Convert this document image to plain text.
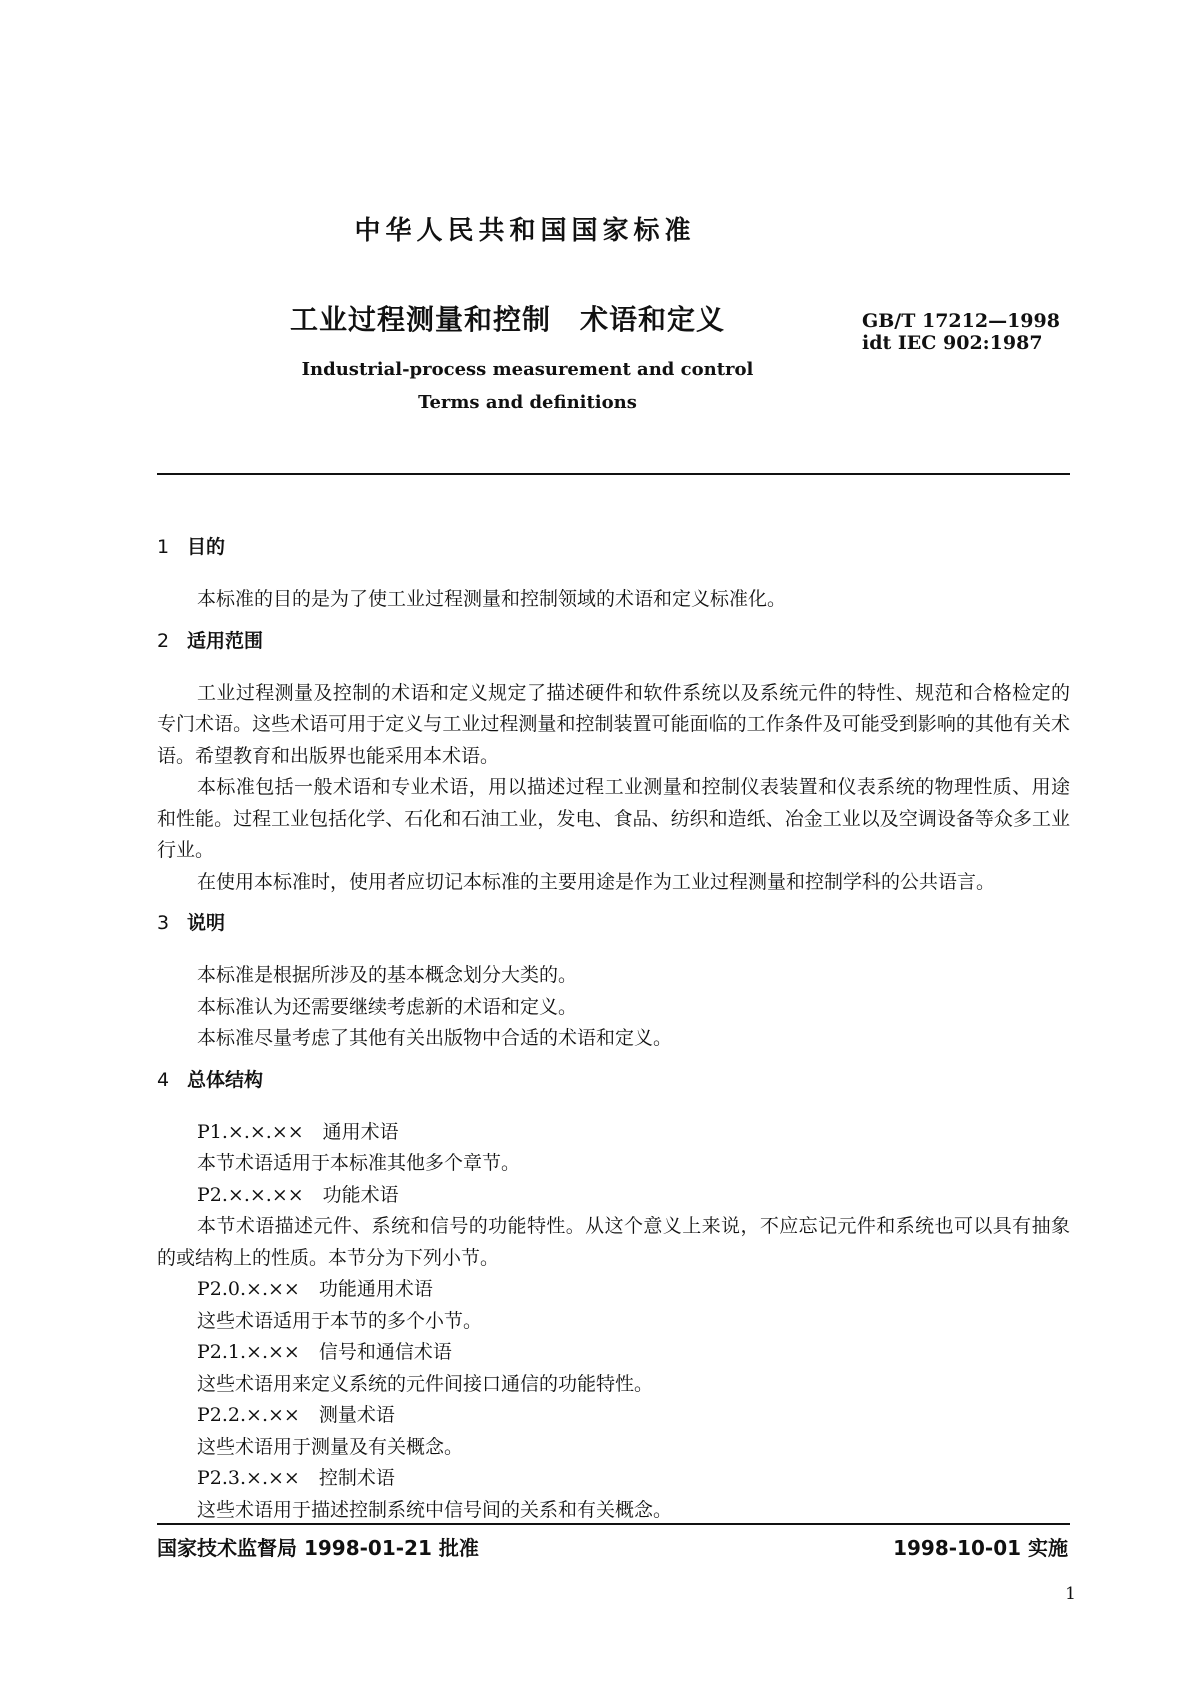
中华人民共和国国家标准
工业过程测量和控制　术语和定义	GB/T 17212—1998
idt IEC 902:1987
Industrial-process measurement and control
Terms and definitions
1 目的

本标准的目的是为了使工业过程测量和控制领域的术语和定义标准化。

2 适用范围

工业过程测量及控制的术语和定义规定了描述硬件和软件系统以及系统元件的特性、规范和合格检定的专门术语。这些术语可用于定义与工业过程测量和控制装置可能面临的工作条件及可能受到影响的其他有关术语。希望教育和出版界也能采用本术语。

本标准包括一般术语和专业术语，用以描述过程工业测量和控制仪表装置和仪表系统的物理性质、用途和性能。过程工业包括化学、石化和石油工业，发电、食品、纺织和造纸、冶金工业以及空调设备等众多工业行业。

在使用本标准时，使用者应切记本标准的主要用途是作为工业过程测量和控制学科的公共语言。

3 说明

本标准是根据所涉及的基本概念划分大类的。

本标准认为还需要继续考虑新的术语和定义。

本标准尽量考虑了其他有关出版物中合适的术语和定义。

4 总体结构

P1.×.×.××　通用术语

本节术语适用于本标准其他多个章节。

P2.×.×.××　功能术语

本节术语描述元件、系统和信号的功能特性。从这个意义上来说，不应忘记元件和系统也可以具有抽象的或结构上的性质。本节分为下列小节。

P2.0.×.××　功能通用术语

这些术语适用于本节的多个小节。

P2.1.×.××　信号和通信术语

这些术语用来定义系统的元件间接口通信的功能特性。

P2.2.×.××　测量术语

这些术语用于测量及有关概念。

P2.3.×.××　控制术语

这些术语用于描述控制系统中信号间的关系和有关概念。

国家技术监督局 1998-01-21 批准	1998-10-01 实施
1
